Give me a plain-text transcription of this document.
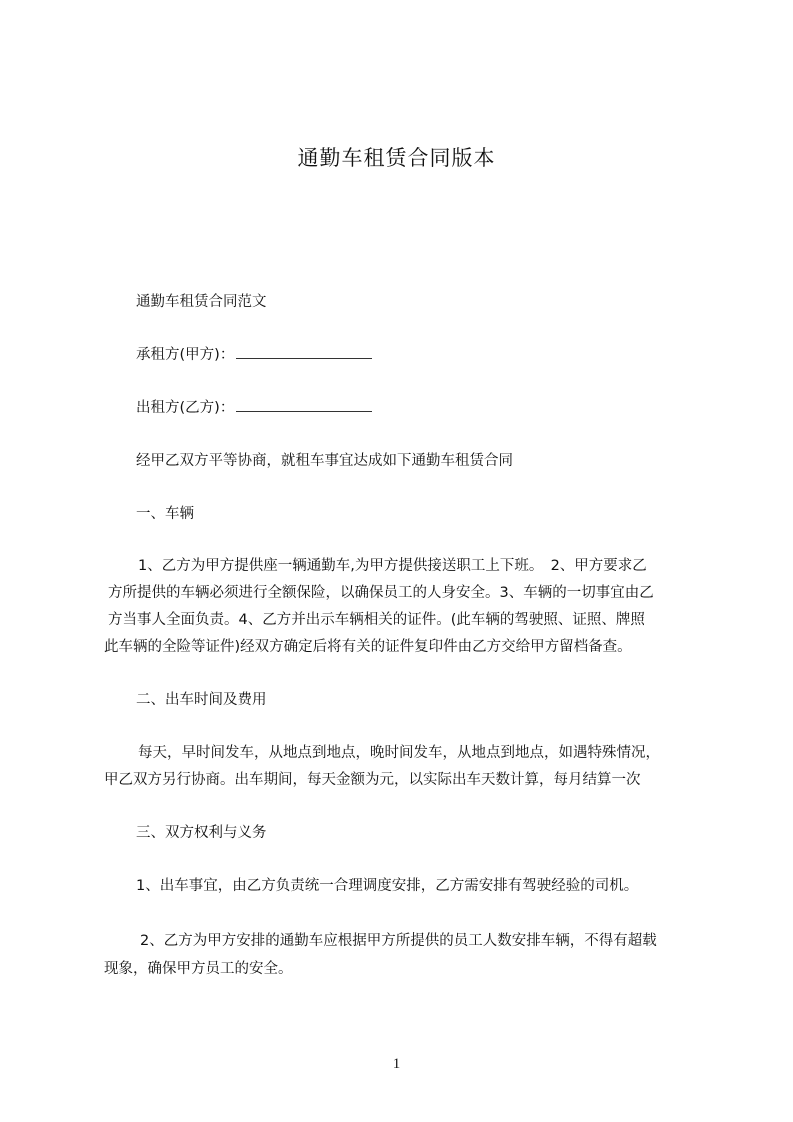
通勤车租赁合同版本
通勤车租赁合同范文
承租方(甲方)：
出租方(乙方)：
经甲乙双方平等协商，就租车事宜达成如下通勤车租赁合同
一、车辆
1、乙方为甲方提供座一辆通勤车,为甲方提供接送职工上下班。　2、甲方要求乙
方所提供的车辆必须进行全额保险，以确保员工的人身安全。3、车辆的一切事宜由乙
方当事人全面负责。4、乙方并出示车辆相关的证件。(此车辆的驾驶照、证照、牌照
此车辆的全险等证件)经双方确定后将有关的证件复印件由乙方交给甲方留档备查。
二、出车时间及费用
每天，早时间发车，从地点到地点，晚时间发车，从地点到地点，如遇特殊情况，
甲乙双方另行协商。出车期间，每天金额为元，以实际出车天数计算，每月结算一次
三、双方权利与义务
1、出车事宜，由乙方负责统一合理调度安排，乙方需安排有驾驶经验的司机。
2、乙方为甲方安排的通勤车应根据甲方所提供的员工人数安排车辆，不得有超载
现象，确保甲方员工的安全。
1
